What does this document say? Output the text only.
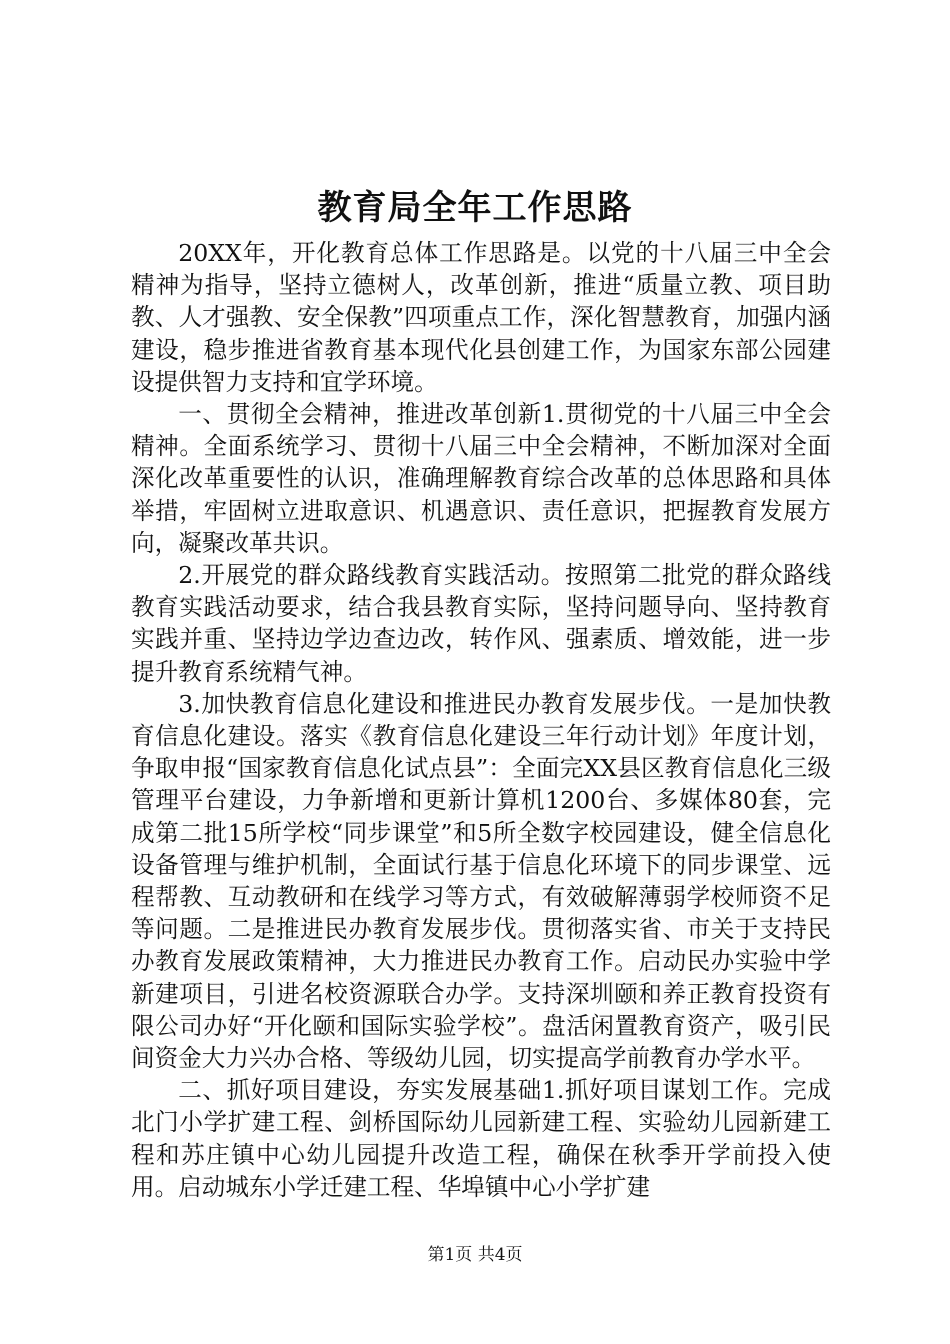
教育局全年工作思路

20XX年，开化教育总体工作思路是。以党的十八届三中全会精神为指导，坚持立德树人，改革创新，推进“质量立教、项目助教、人才强教、安全保教”四项重点工作，深化智慧教育，加强内涵建设，稳步推进省教育基本现代化县创建工作，为国家东部公园建设提供智力支持和宜学环境。

一、贯彻全会精神，推进改革创新1.贯彻党的十八届三中全会精神。全面系统学习、贯彻十八届三中全会精神，不断加深对全面深化改革重要性的认识，准确理解教育综合改革的总体思路和具体举措，牢固树立进取意识、机遇意识、责任意识，把握教育发展方向，凝聚改革共识。

2.开展党的群众路线教育实践活动。按照第二批党的群众路线教育实践活动要求，结合我县教育实际，坚持问题导向、坚持教育实践并重、坚持边学边查边改，转作风、强素质、增效能，进一步提升教育系统精气神。

3.加快教育信息化建设和推进民办教育发展步伐。一是加快教育信息化建设。落实《教育信息化建设三年行动计划》年度计划，争取申报“国家教育信息化试点县”：全面完XX县区教育信息化三级管理平台建设，力争新增和更新计算机1200台、多媒体80套，完成第二批15所学校“同步课堂”和5所全数字校园建设，健全信息化设备管理与维护机制，全面试行基于信息化环境下的同步课堂、远程帮教、互动教研和在线学习等方式，有效破解薄弱学校师资不足等问题。二是推进民办教育发展步伐。贯彻落实省、市关于支持民办教育发展政策精神，大力推进民办教育工作。启动民办实验中学新建项目，引进名校资源联合办学。支持深圳颐和养正教育投资有限公司办好“开化颐和国际实验学校”。盘活闲置教育资产，吸引民间资金大力兴办合格、等级幼儿园，切实提高学前教育办学水平。

二、抓好项目建设，夯实发展基础1.抓好项目谋划工作。完成北门小学扩建工程、剑桥国际幼儿园新建工程、实验幼儿园新建工程和苏庄镇中心幼儿园提升改造工程，确保在秋季开学前投入使用。启动城东小学迁建工程、华埠镇中心小学扩建

第1页 共4页
